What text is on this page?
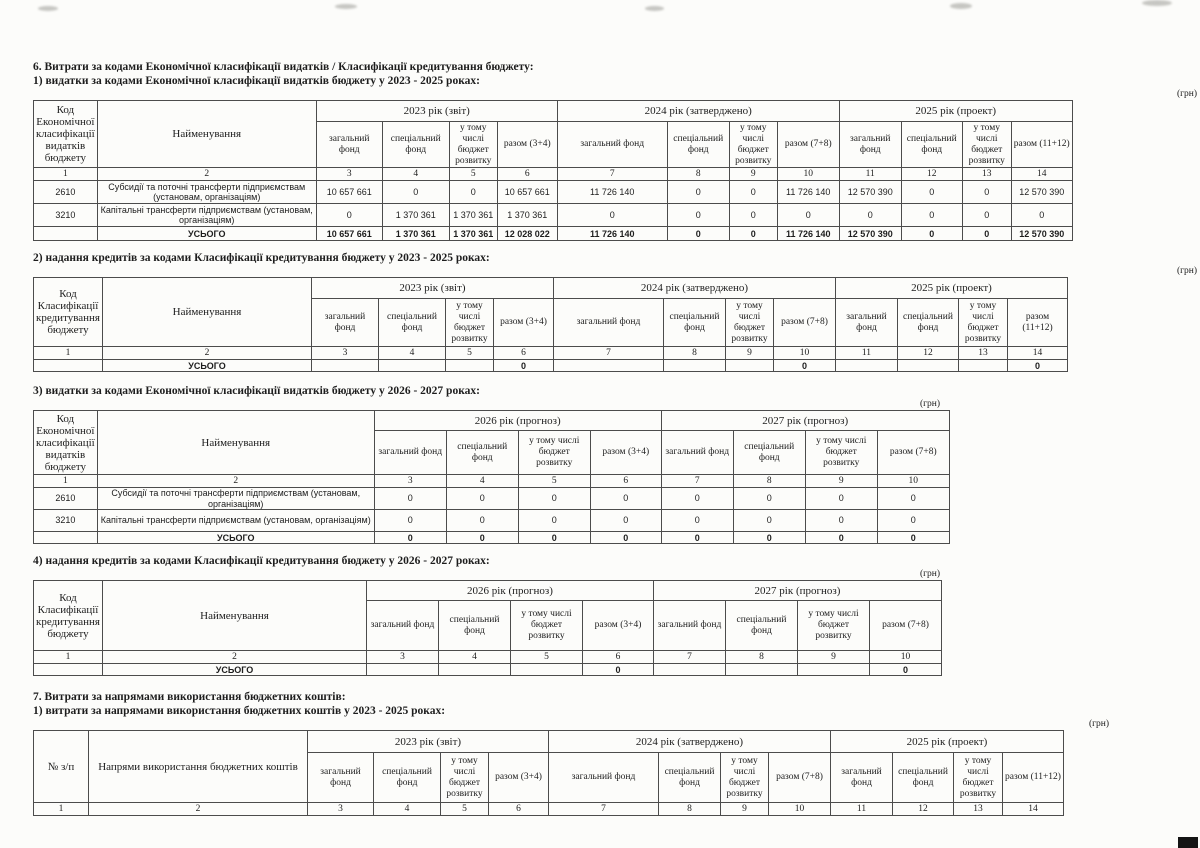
6. Витрати за кодами Економічної класифікації видатків / Класифікації кредитування бюджету:
1) видатки за кодами Економічної класифікації видатків бюджету у 2023 - 2025 роках:
(грн)
Код Економічної класифікації видатків бюджету	Найменування	2023 рік (звіт)				2024 рік (затверджено)				2025 рік (проект)			
		загальний фонд	спеціальний фонд	у тому числі бюджет розвитку	разом (3+4)	загальний фонд	спеціальний фонд	у тому числі бюджет розвитку	разом (7+8)	загальний фонд	спеціальний фонд	у тому числі бюджет розвитку	разом (11+12)
1	2	3	4	5	6	7	8	9	10	11	12	13	14
2610	Субсидії та поточні трансферти підприємствам (установам, організаціям)	10 657 661	0	0	10 657 661	11 726 140	0	0	11 726 140	12 570 390	0	0	12 570 390
3210	Капітальні трансферти підприємствам (установам, організаціям)	0	1 370 361	1 370 361	1 370 361	0	0	0	0	0	0	0	0
	УСЬОГО	10 657 661	1 370 361	1 370 361	12 028 022	11 726 140	0	0	11 726 140	12 570 390	0	0	12 570 390
2) надання кредитів за кодами Класифікації кредитування бюджету у 2023 - 2025 роках:
(грн)
Код Класифікації кредитування бюджету	Найменування	2023 рік (звіт)				2024 рік (затверджено)				2025 рік (проект)			
		загальний фонд	спеціальний фонд	у тому числі бюджет розвитку	разом (3+4)	загальний фонд	спеціальний фонд	у тому числі бюджет розвитку	разом (7+8)	загальний фонд	спеціальний фонд	у тому числі бюджет розвитку	разом (11+12)
1	2	3	4	5	6	7	8	9	10	11	12	13	14
	УСЬОГО				0				0				0
3) видатки за кодами Економічної класифікації видатків бюджету у 2026 - 2027 роках:
(грн)
Код Економічної класифікації видатків бюджету	Найменування	2026 рік (прогноз)				2027 рік (прогноз)			
		загальний фонд	спеціальний фонд	у тому числі бюджет розвитку	разом (3+4)	загальний фонд	спеціальний фонд	у тому числі бюджет розвитку	разом (7+8)
1	2	3	4	5	6	7	8	9	10
2610	Субсидії та поточні трансферти підприємствам (установам, організаціям)	0	0	0	0	0	0	0	0
3210	Капітальні трансферти підприємствам (установам, організаціям)	0	0	0	0	0	0	0	0
	УСЬОГО	0	0	0	0	0	0	0	0
4) надання кредитів за кодами Класифікації кредитування бюджету у 2026 - 2027 роках:
(грн)
Код Класифікації кредитування бюджету	Найменування	2026 рік (прогноз)				2027 рік (прогноз)			
		загальний фонд	спеціальний фонд	у тому числі бюджет розвитку	разом (3+4)	загальний фонд	спеціальний фонд	у тому числі бюджет розвитку	разом (7+8)
1	2	3	4	5	6	7	8	9	10
	УСЬОГО				0				0
7. Витрати за напрямами використання бюджетних коштів:
1) витрати за напрямами використання бюджетних коштів у 2023 - 2025 роках:
(грн)
№ з/п	Напрями використання бюджетних коштів	2023 рік (звіт)				2024 рік (затверджено)				2025 рік (проект)			
		загальний фонд	спеціальний фонд	у тому числі бюджет розвитку	разом (3+4)	загальний фонд	спеціальний фонд	у тому числі бюджет розвитку	разом (7+8)	загальний фонд	спеціальний фонд	у тому числі бюджет розвитку	разом (11+12)
1	2	3	4	5	6	7	8	9	10	11	12	13	14
